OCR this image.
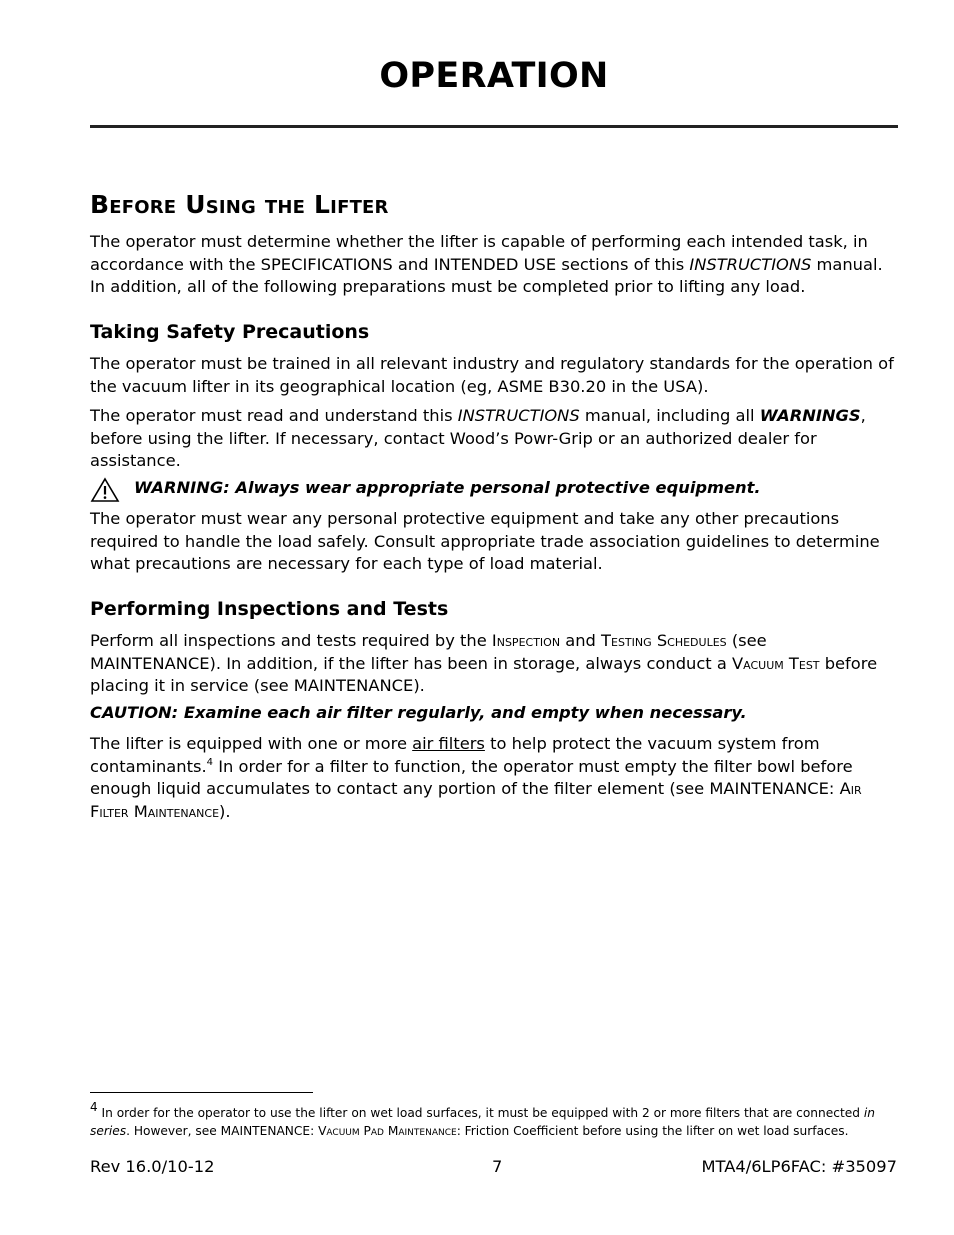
OPERATION
Before Using the Lifter

The operator must determine whether the lifter is capable of performing each intended task, in accordance with the SPECIFICATIONS and INTENDED USE sections of this INSTRUCTIONS manual. In addition, all of the following preparations must be completed prior to lifting any load.

Taking Safety Precautions

The operator must be trained in all relevant industry and regulatory standards for the operation of the vacuum lifter in its geographical location (eg, ASME B30.20 in the USA).

The operator must read and understand this INSTRUCTIONS manual, including all WARNINGS, before using the lifter. If necessary, contact Wood’s Powr-Grip or an authorized dealer for assistance.

WARNING: Always wear appropriate personal protective equipment.

The operator must wear any personal protective equipment and take any other precautions required to handle the load safely. Consult appropriate trade association guidelines to determine what precautions are necessary for each type of load material.

Performing Inspections and Tests

Perform all inspections and tests required by the Inspection and Testing Schedules (see MAINTENANCE). In addition, if the lifter has been in storage, always conduct a Vacuum Test before placing it in service (see MAINTENANCE).

CAUTION: Examine each air filter regularly, and empty when necessary.

The lifter is equipped with one or more air filters to help protect the vacuum system from contaminants.$^4$ In order for a filter to function, the operator must empty the filter bowl before enough liquid accumulates to contact any portion of the filter element (see MAINTENANCE: Air Filter Maintenance).

$^4$ In order for the operator to use the lifter on wet load surfaces, it must be equipped with 2 or more filters that are connected in series. However, see MAINTENANCE: Vacuum Pad Maintenance: Friction Coefficient before using the lifter on wet load surfaces.

Rev 16.0/10-12	7	MTA4/6LP6FAC: #35097
